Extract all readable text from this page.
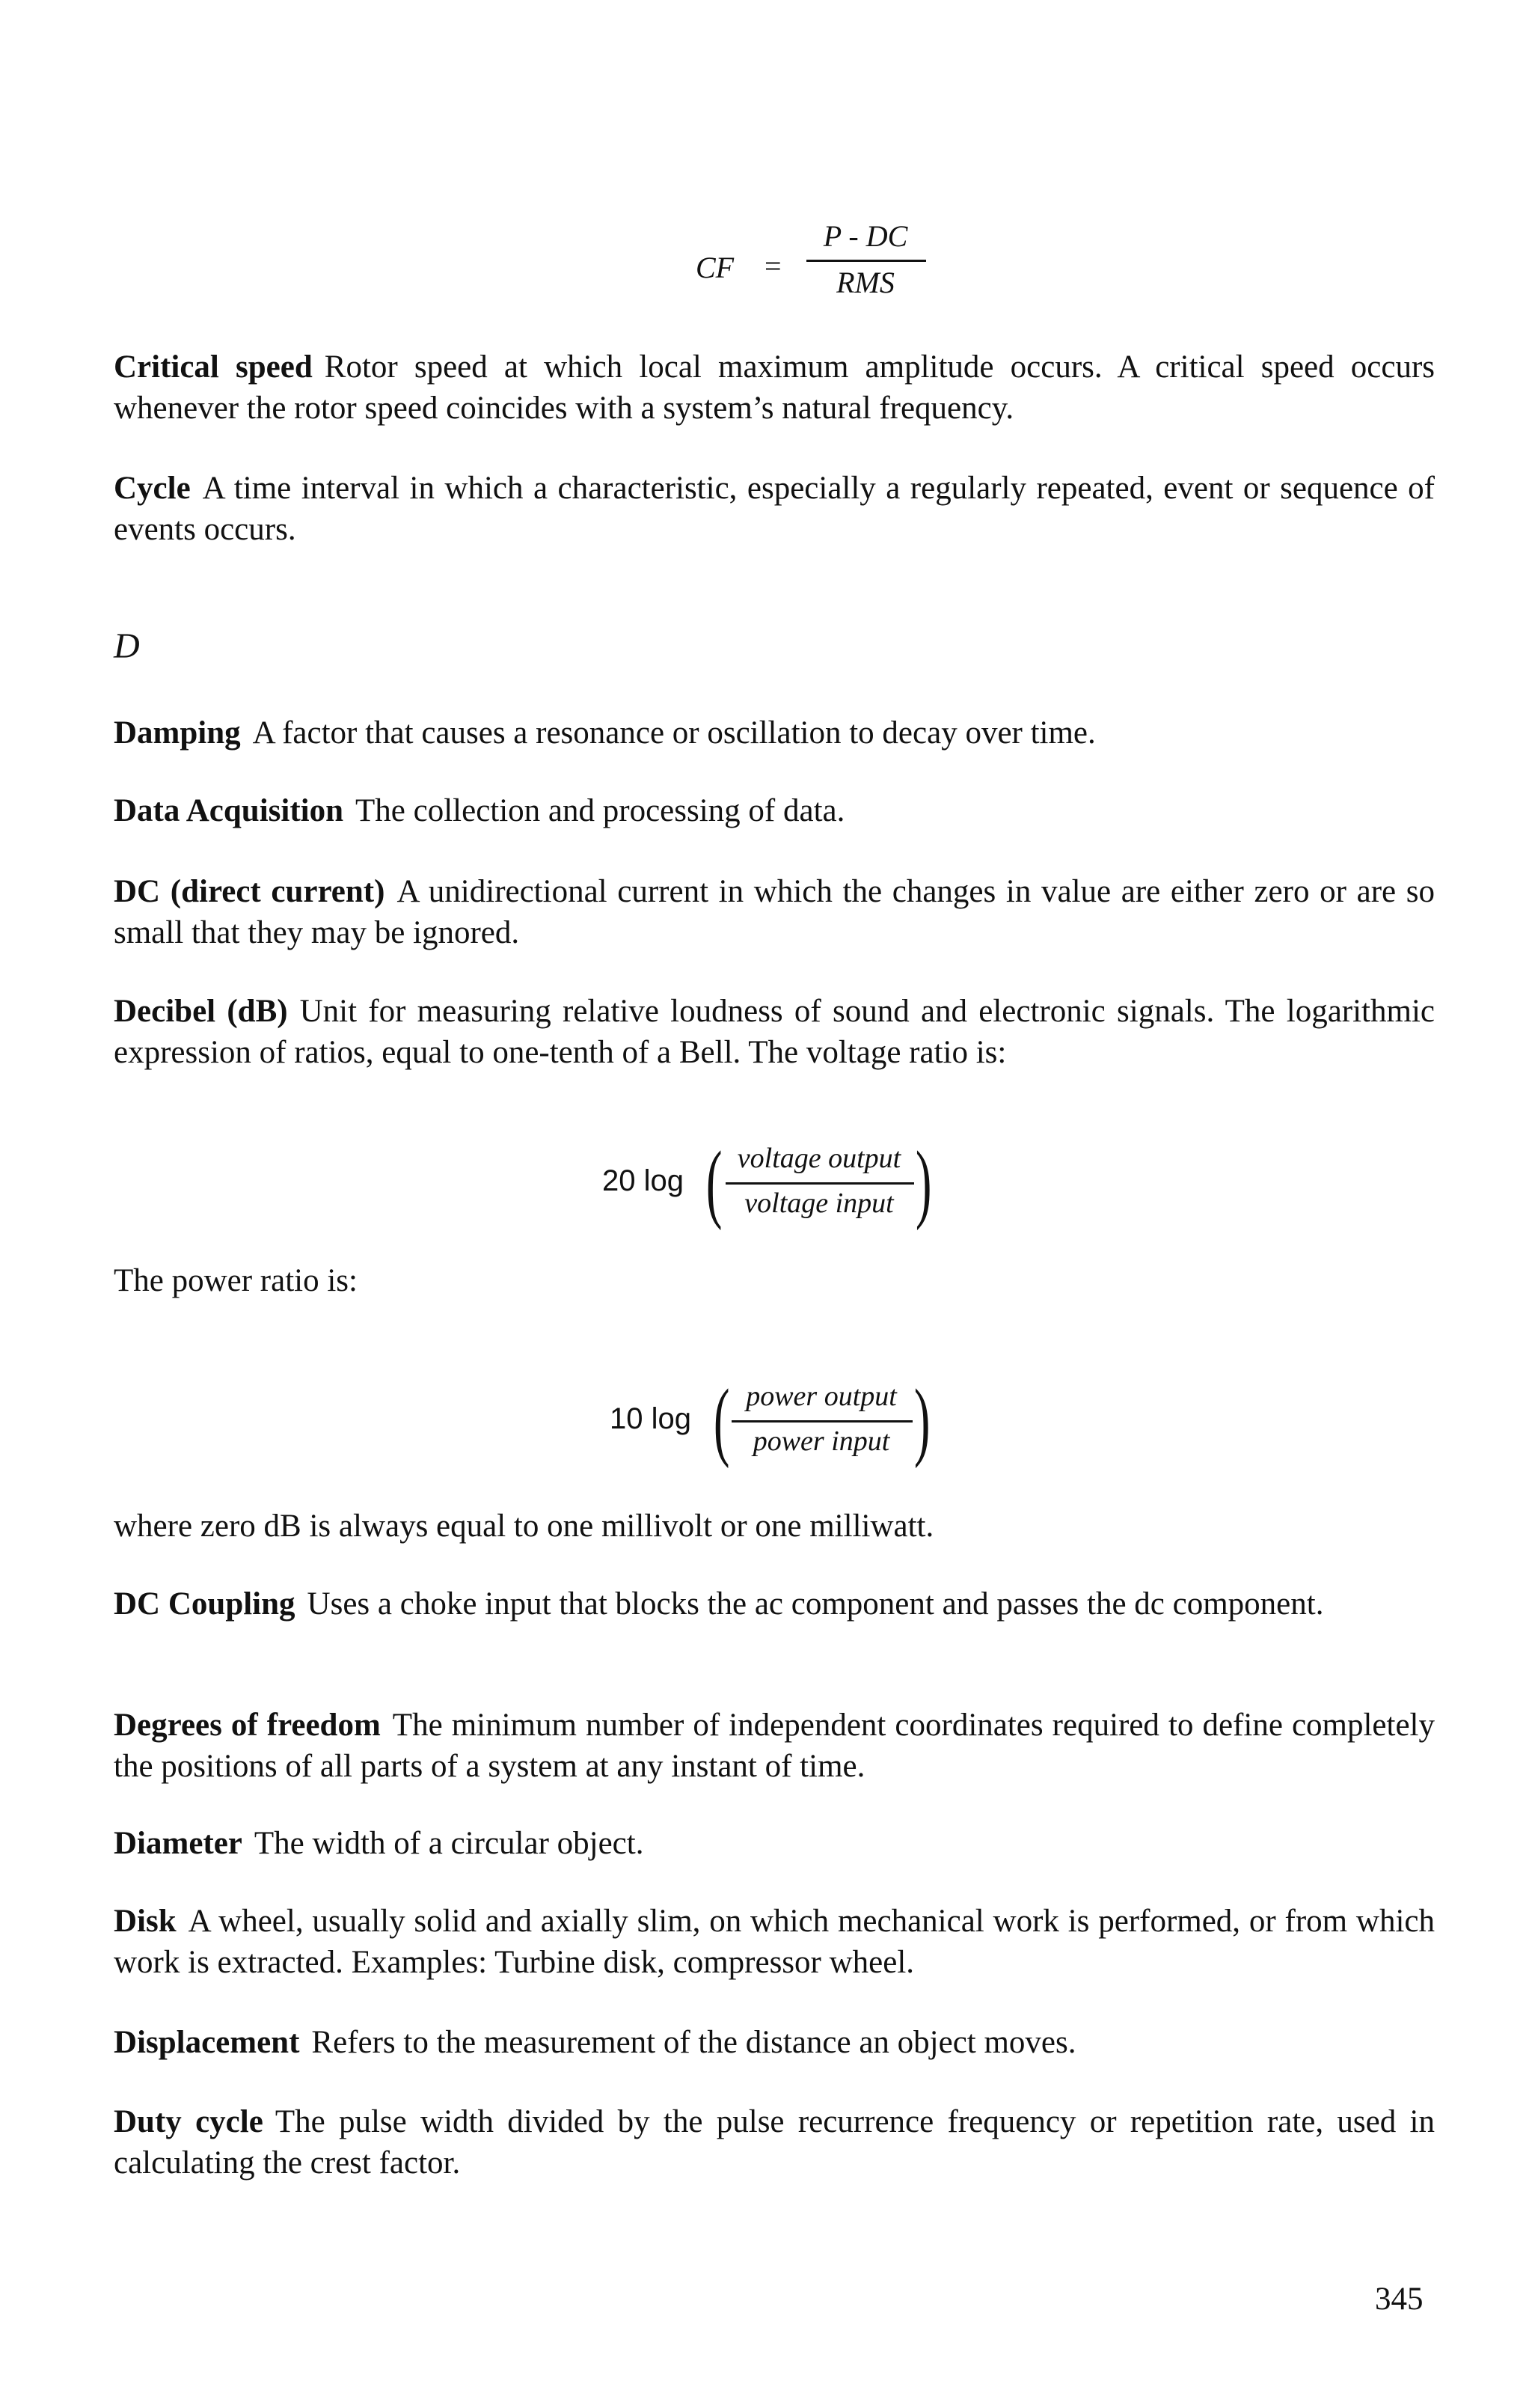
CF =
P - DC
RMS

Critical speed Rotor speed at which local maximum amplitude occurs. A critical speed occurs whenever the rotor speed coincides with a system’s natural frequency.

Cycle A time interval in which a characteristic, especially a regularly repeated, event or sequence of events occurs.

D

Damping A factor that causes a resonance or oscillation to decay over time.

Data Acquisition The collection and processing of data.

DC (direct current) A unidirectional current in which the changes in value are either zero or are so small that they may be ignored.

Decibel (dB) Unit for measuring relative loudness of sound and electronic signals. The logarithmic expression of ratios, equal to one-tenth of a Bell. The voltage ratio is:

20 log ( voltage output
voltage input )

The power ratio is:

10 log ( power output
power input )

where zero dB is always equal to one millivolt or one milliwatt.

DC Coupling Uses a choke input that blocks the ac component and passes the dc component.

Degrees of freedom The minimum number of independent coordinates required to define completely the positions of all parts of a system at any instant of time.

Diameter The width of a circular object.

Disk A wheel, usually solid and axially slim, on which mechanical work is performed, or from which work is extracted. Examples: Turbine disk, compressor wheel.

Displacement Refers to the measurement of the distance an object moves.

Duty cycle The pulse width divided by the pulse recurrence frequency or repetition rate, used in calculating the crest factor.

345
